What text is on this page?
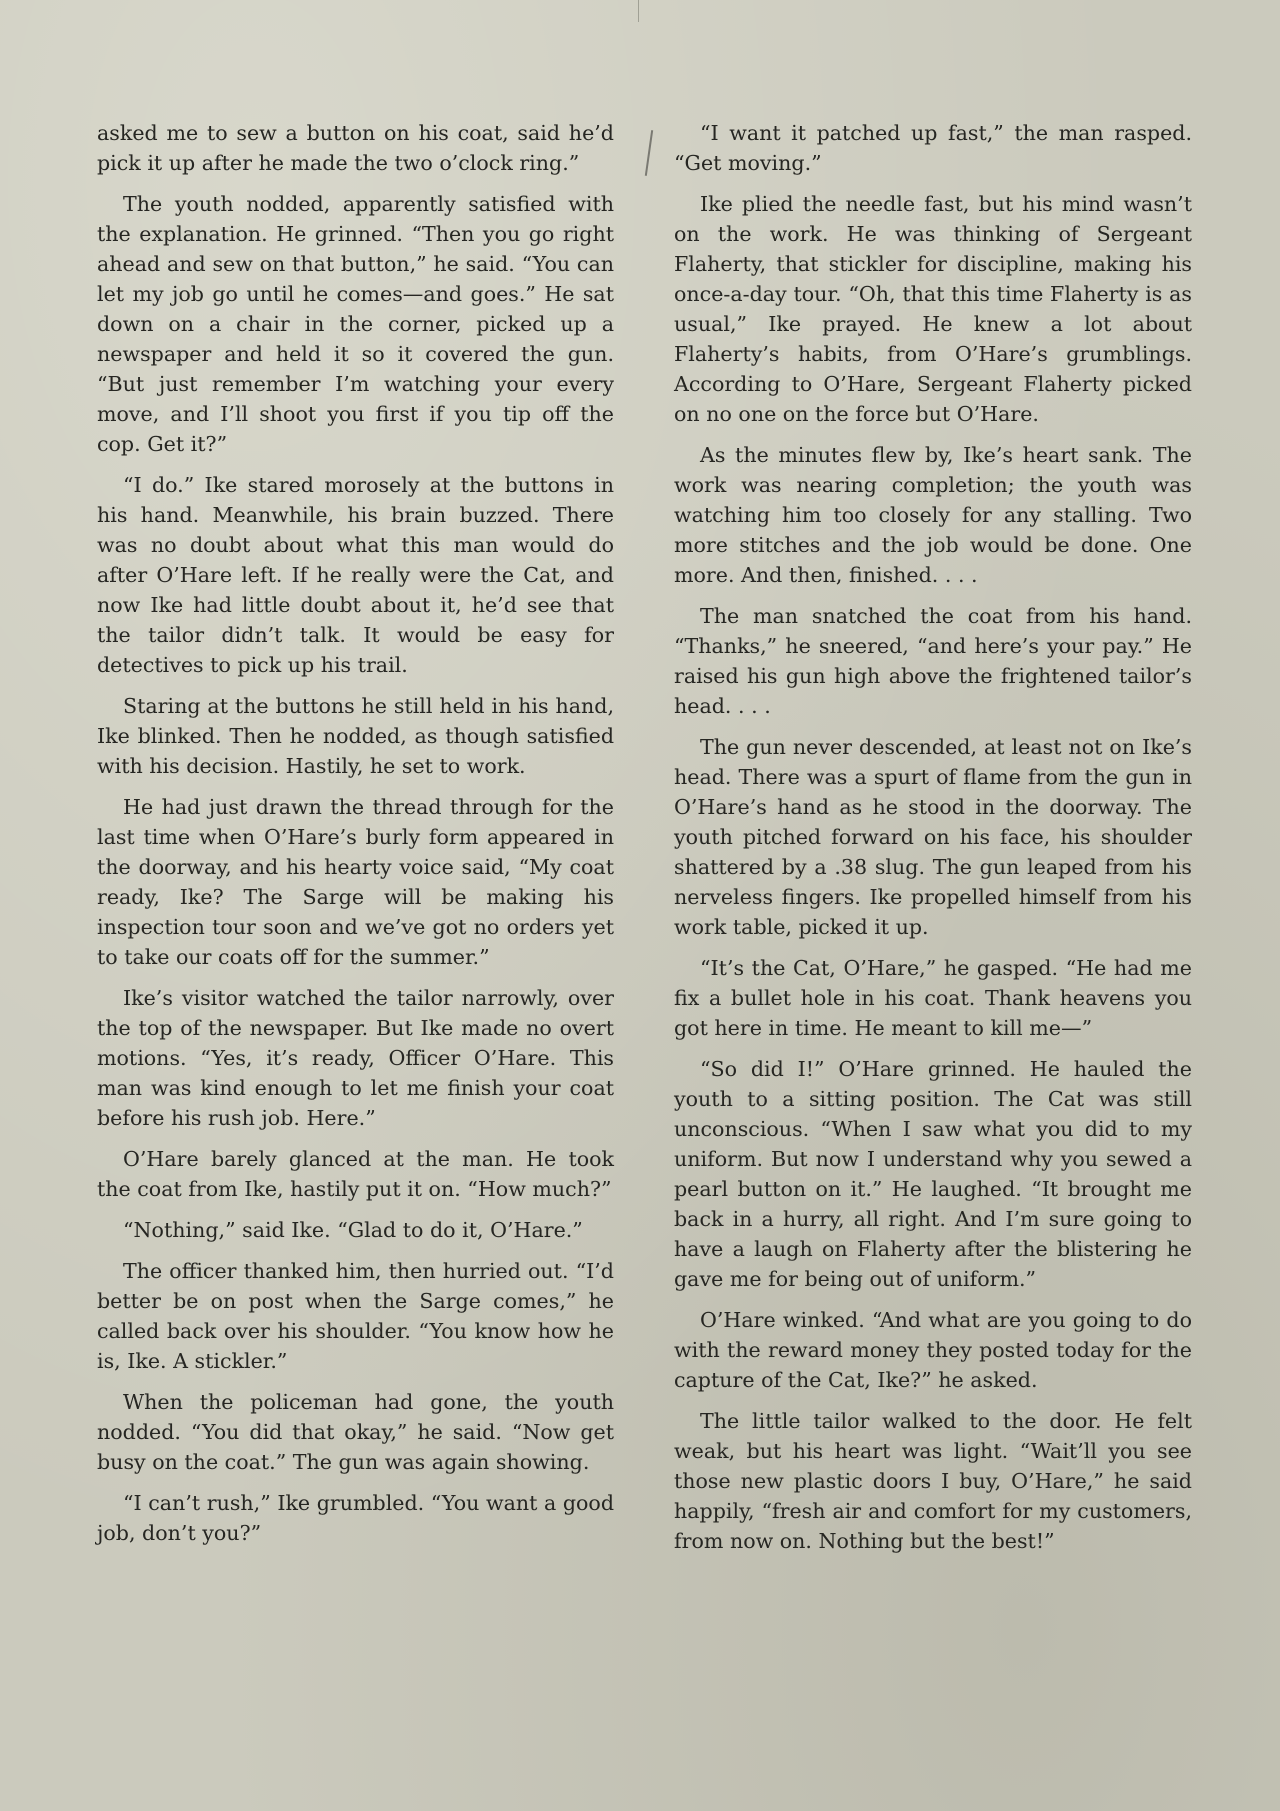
asked me to sew a button on his coat, said he’d pick it up after he made the two o’clock ring.”

The youth nodded, apparently satisfied with the explanation. He grinned. “Then you go right ahead and sew on that button,” he said. “You can let my job go until he comes—and goes.” He sat down on a chair in the corner, picked up a newspaper and held it so it covered the gun. “But just remember I’m watching your every move, and I’ll shoot you first if you tip off the cop. Get it?”

“I do.” Ike stared morosely at the buttons in his hand. Meanwhile, his brain buzzed. There was no doubt about what this man would do after O’Hare left. If he really were the Cat, and now Ike had little doubt about it, he’d see that the tailor didn’t talk. It would be easy for detectives to pick up his trail.

Staring at the buttons he still held in his hand, Ike blinked. Then he nodded, as though satisfied with his decision. Hastily, he set to work.

He had just drawn the thread through for the last time when O’Hare’s burly form appeared in the doorway, and his hearty voice said, “My coat ready, Ike? The Sarge will be making his inspection tour soon and we’ve got no orders yet to take our coats off for the summer.”

Ike’s visitor watched the tailor narrowly, over the top of the newspaper. But Ike made no overt motions. “Yes, it’s ready, Officer O’Hare. This man was kind enough to let me finish your coat before his rush job. Here.”

O’Hare barely glanced at the man. He took the coat from Ike, hastily put it on. “How much?”

“Nothing,” said Ike. “Glad to do it, O’Hare.”

The officer thanked him, then hurried out. “I’d better be on post when the Sarge comes,” he called back over his shoulder. “You know how he is, Ike. A stickler.”

When the policeman had gone, the youth nodded. “You did that okay,” he said. “Now get busy on the coat.” The gun was again showing.

“I can’t rush,” Ike grumbled. “You want a good job, don’t you?”

“I want it patched up fast,” the man rasped. “Get moving.”

Ike plied the needle fast, but his mind wasn’t on the work. He was thinking of Sergeant Flaherty, that stickler for discipline, making his once-a-day tour. “Oh, that this time Flaherty is as usual,” Ike prayed. He knew a lot about Flaherty’s habits, from O’Hare’s grumblings. According to O’Hare, Sergeant Flaherty picked on no one on the force but O’Hare.

As the minutes flew by, Ike’s heart sank. The work was nearing completion; the youth was watching him too closely for any stalling. Two more stitches and the job would be done. One more. And then, finished. . . .

The man snatched the coat from his hand. “Thanks,” he sneered, “and here’s your pay.” He raised his gun high above the frightened tailor’s head. . . .

The gun never descended, at least not on Ike’s head. There was a spurt of flame from the gun in O’Hare’s hand as he stood in the doorway. The youth pitched forward on his face, his shoulder shattered by a .38 slug. The gun leaped from his nerveless fingers. Ike propelled himself from his work table, picked it up.

“It’s the Cat, O’Hare,” he gasped. “He had me fix a bullet hole in his coat. Thank heavens you got here in time. He meant to kill me—”

“So did I!” O’Hare grinned. He hauled the youth to a sitting position. The Cat was still unconscious. “When I saw what you did to my uniform. But now I understand why you sewed a pearl button on it.” He laughed. “It brought me back in a hurry, all right. And I’m sure going to have a laugh on Flaherty after the blistering he gave me for being out of uniform.”

O’Hare winked. “And what are you going to do with the reward money they posted today for the capture of the Cat, Ike?” he asked.

The little tailor walked to the door. He felt weak, but his heart was light. “Wait’ll you see those new plastic doors I buy, O’Hare,” he said happily, “fresh air and comfort for my customers, from now on. Nothing but the best!”
